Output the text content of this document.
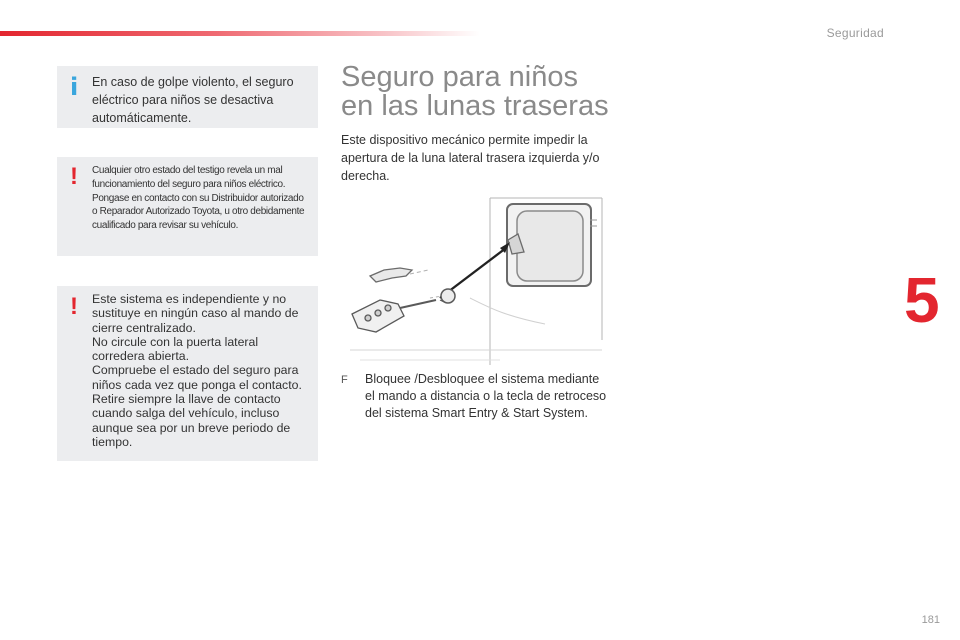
Seguridad
5
i En caso de golpe violento, el seguro eléctrico para niños se desactiva automáticamente.
! Cualquier otro estado del testigo revela un mal funcionamiento del seguro para niños eléctrico. Pongase en contacto con su Distribuidor autorizado o Reparador Autorizado Toyota, u otro debidamente cualificado para revisar su vehículo.
! Este sistema es independiente y no sustituye en ningún caso al mando de cierre centralizado.
No circule con la puerta lateral corredera abierta.
Compruebe el estado del seguro para niños cada vez que ponga el contacto.
Retire siempre la llave de contacto cuando salga del vehículo, incluso aunque sea por un breve periodo de tiempo.
Seguro para niños
en las lunas traseras
Este dispositivo mecánico permite impedir la apertura de la luna lateral trasera izquierda y/o derecha.
F	Bloquee /Desbloquee el sistema mediante el mando a distancia o la tecla de retroceso del sistema Smart Entry & Start System.
181
